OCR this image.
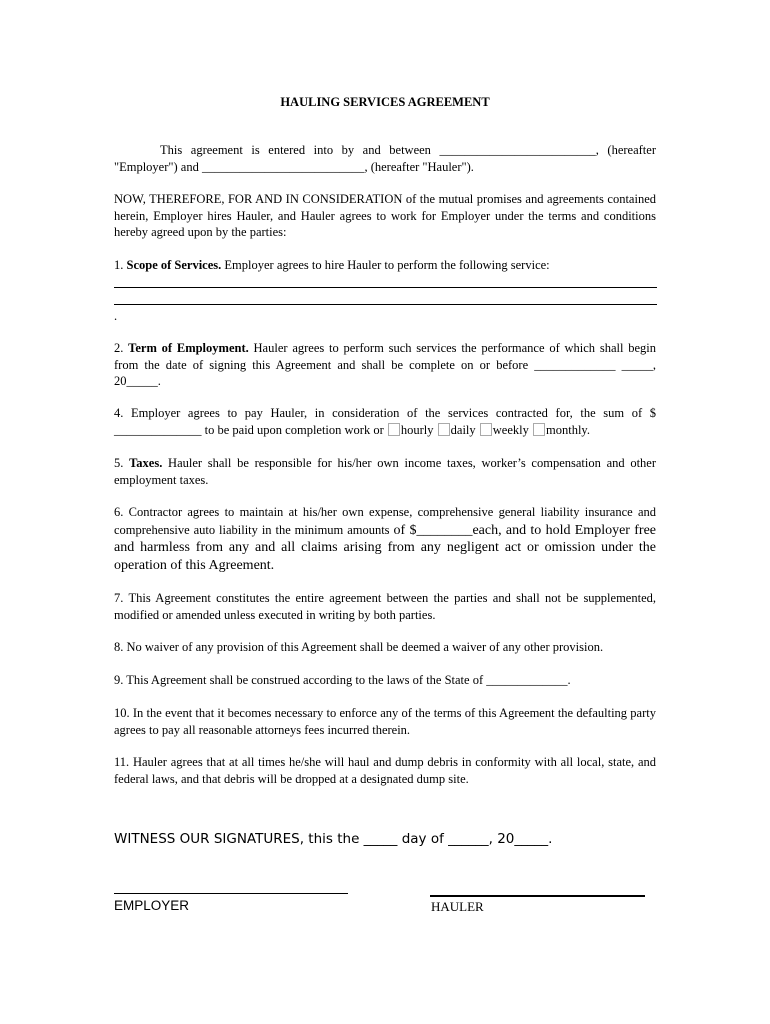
HAULING SERVICES AGREEMENT
This agreement is entered into by and between _________________________, (hereafter "Employer") and __________________________, (hereafter "Hauler").
NOW, THEREFORE, FOR AND IN CONSIDERATION of the mutual promises and agreements contained herein, Employer hires Hauler, and Hauler agrees to work for Employer under the terms and conditions hereby agreed upon by the parties:
1. Scope of Services. Employer agrees to hire Hauler to perform the following service:
.
2. Term of Employment. Hauler agrees to perform such services the performance of which shall begin from the date of signing this Agreement and shall be complete on or before _____________ _____, 20_____.
4. Employer agrees to pay Hauler, in consideration of the services contracted for, the sum of $ ______________ to be paid upon completion work or hourly daily weekly monthly.
5. Taxes. Hauler shall be responsible for his/her own income taxes, worker’s compensation and other employment taxes.
6. Contractor agrees to maintain at his/her own expense, comprehensive general liability insurance and comprehensive auto liability in the minimum amounts of $________each, and to hold Employer free and harmless from any and all claims arising from any negligent act or omission under the operation of this Agreement.
7. This Agreement constitutes the entire agreement between the parties and shall not be supplemented, modified or amended unless executed in writing by both parties.
8. No waiver of any provision of this Agreement shall be deemed a waiver of any other provision.
9. This Agreement shall be construed according to the laws of the State of _____________.
10. In the event that it becomes necessary to enforce any of the terms of this Agreement the defaulting party agrees to pay all reasonable attorneys fees incurred therein.
11. Hauler agrees that at all times he/she will haul and dump debris in conformity with all local, state, and federal laws, and that debris will be dropped at a designated dump site.
WITNESS OUR SIGNATURES, this the _____ day of ______, 20_____.
EMPLOYER	HAULER
